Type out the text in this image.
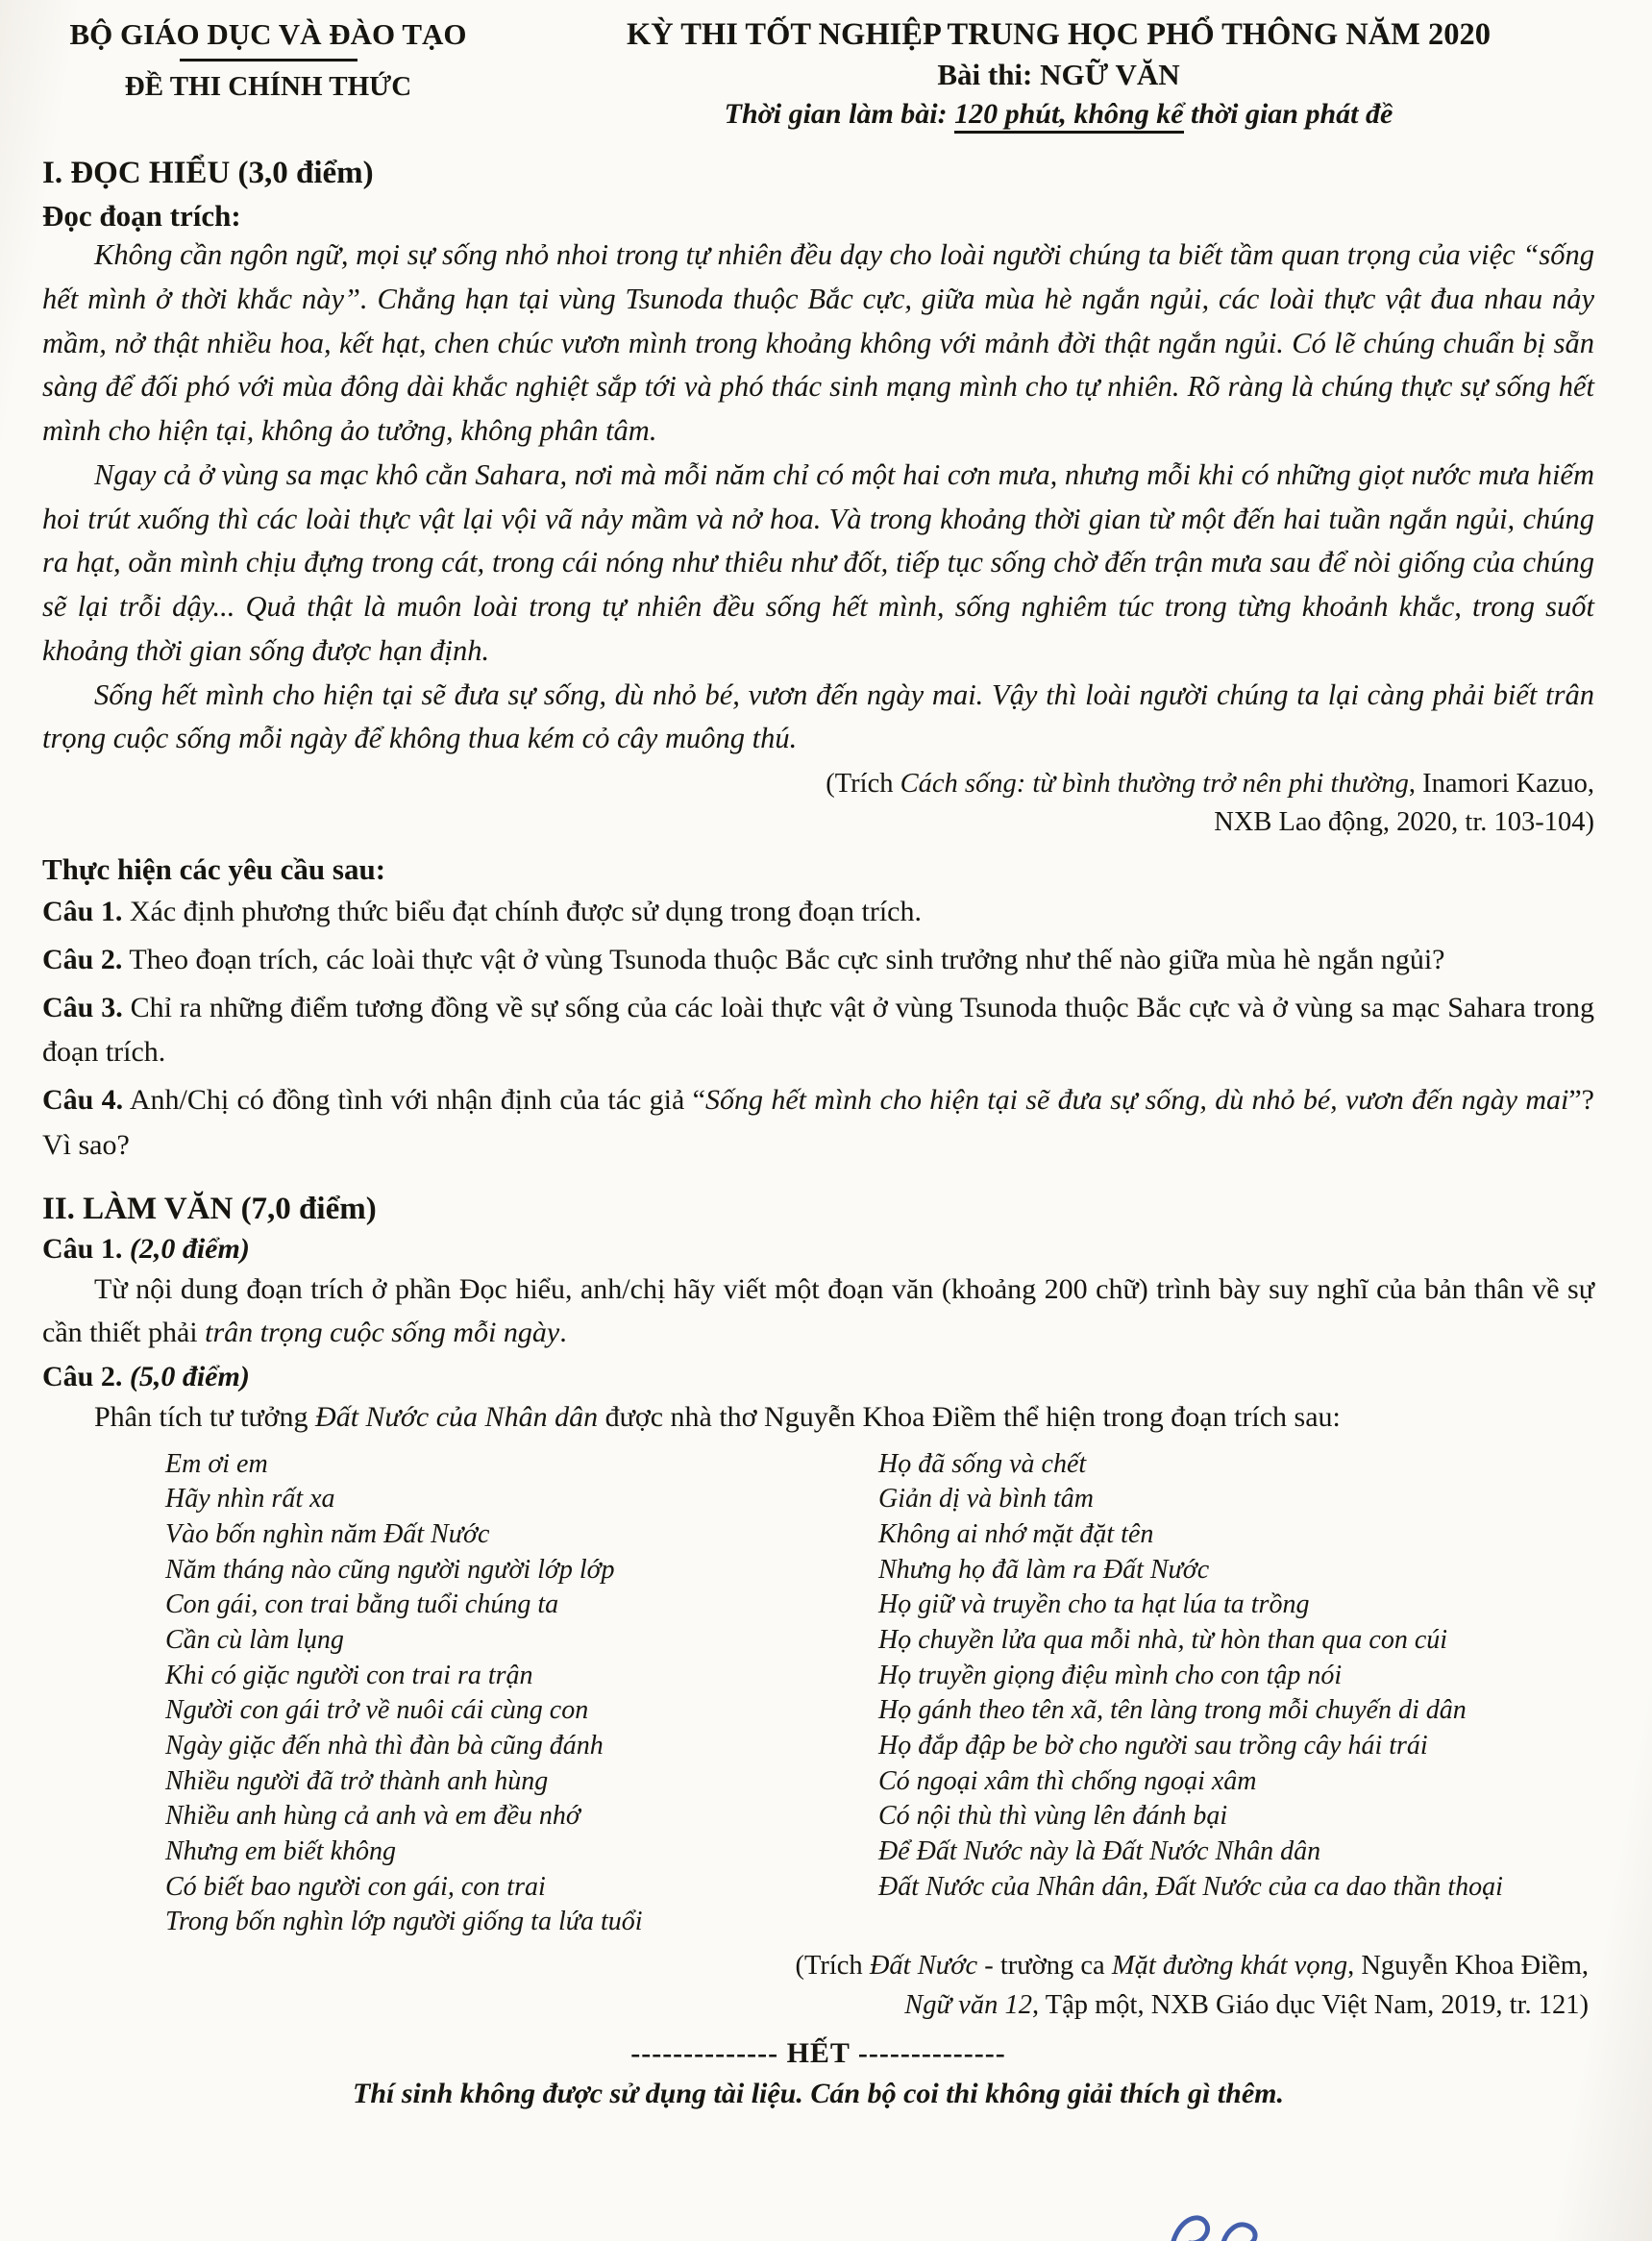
BỘ GIÁO DỤC VÀ ĐÀO TẠO
ĐỀ THI CHÍNH THỨC
KỲ THI TỐT NGHIỆP TRUNG HỌC PHỔ THÔNG NĂM 2020
Bài thi: NGỮ VĂN
Thời gian làm bài: 120 phút, không kể thời gian phát đề
I. ĐỌC HIỂU (3,0 điểm)
Đọc đoạn trích:

Không cần ngôn ngữ, mọi sự sống nhỏ nhoi trong tự nhiên đều dạy cho loài người chúng ta biết tầm quan trọng của việc “sống hết mình ở thời khắc này”. Chẳng hạn tại vùng Tsunoda thuộc Bắc cực, giữa mùa hè ngắn ngủi, các loài thực vật đua nhau nảy mầm, nở thật nhiều hoa, kết hạt, chen chúc vươn mình trong khoảng không với mảnh đời thật ngắn ngủi. Có lẽ chúng chuẩn bị sẵn sàng để đối phó với mùa đông dài khắc nghiệt sắp tới và phó thác sinh mạng mình cho tự nhiên. Rõ ràng là chúng thực sự sống hết mình cho hiện tại, không ảo tưởng, không phân tâm.

Ngay cả ở vùng sa mạc khô cằn Sahara, nơi mà mỗi năm chỉ có một hai cơn mưa, nhưng mỗi khi có những giọt nước mưa hiếm hoi trút xuống thì các loài thực vật lại vội vã nảy mầm và nở hoa. Và trong khoảng thời gian từ một đến hai tuần ngắn ngủi, chúng ra hạt, oằn mình chịu đựng trong cát, trong cái nóng như thiêu như đốt, tiếp tục sống chờ đến trận mưa sau để nòi giống của chúng sẽ lại trỗi dậy... Quả thật là muôn loài trong tự nhiên đều sống hết mình, sống nghiêm túc trong từng khoảnh khắc, trong suốt khoảng thời gian sống được hạn định.

Sống hết mình cho hiện tại sẽ đưa sự sống, dù nhỏ bé, vươn đến ngày mai. Vậy thì loài người chúng ta lại càng phải biết trân trọng cuộc sống mỗi ngày để không thua kém cỏ cây muông thú.

(Trích Cách sống: từ bình thường trở nên phi thường, Inamori Kazuo,
NXB Lao động, 2020, tr. 103-104)
Thực hiện các yêu cầu sau:
Câu 1. Xác định phương thức biểu đạt chính được sử dụng trong đoạn trích.
Câu 2. Theo đoạn trích, các loài thực vật ở vùng Tsunoda thuộc Bắc cực sinh trưởng như thế nào giữa mùa hè ngắn ngủi?
Câu 3. Chỉ ra những điểm tương đồng về sự sống của các loài thực vật ở vùng Tsunoda thuộc Bắc cực và ở vùng sa mạc Sahara trong đoạn trích.
Câu 4. Anh/Chị có đồng tình với nhận định của tác giả “Sống hết mình cho hiện tại sẽ đưa sự sống, dù nhỏ bé, vươn đến ngày mai”? Vì sao?
II. LÀM VĂN (7,0 điểm)
Câu 1. (2,0 điểm)

Từ nội dung đoạn trích ở phần Đọc hiểu, anh/chị hãy viết một đoạn văn (khoảng 200 chữ) trình bày suy nghĩ của bản thân về sự cần thiết phải trân trọng cuộc sống mỗi ngày.

Câu 2. (5,0 điểm)

Phân tích tư tưởng Đất Nước của Nhân dân được nhà thơ Nguyễn Khoa Điềm thể hiện trong đoạn trích sau:

Em ơi em
Hãy nhìn rất xa
Vào bốn nghìn năm Đất Nước
Năm tháng nào cũng người người lớp lớp
Con gái, con trai bằng tuổi chúng ta
Cần cù làm lụng
Khi có giặc người con trai ra trận
Người con gái trở về nuôi cái cùng con
Ngày giặc đến nhà thì đàn bà cũng đánh
Nhiều người đã trở thành anh hùng
Nhiều anh hùng cả anh và em đều nhớ
Nhưng em biết không
Có biết bao người con gái, con trai
Trong bốn nghìn lớp người giống ta lứa tuổi
Họ đã sống và chết
Giản dị và bình tâm
Không ai nhớ mặt đặt tên
Nhưng họ đã làm ra Đất Nước
Họ giữ và truyền cho ta hạt lúa ta trồng
Họ chuyền lửa qua mỗi nhà, từ hòn than qua con cúi
Họ truyền giọng điệu mình cho con tập nói
Họ gánh theo tên xã, tên làng trong mỗi chuyến di dân
Họ đắp đập be bờ cho người sau trồng cây hái trái
Có ngoại xâm thì chống ngoại xâm
Có nội thù thì vùng lên đánh bại
Để Đất Nước này là Đất Nước Nhân dân
Đất Nước của Nhân dân, Đất Nước của ca dao thần thoại
(Trích Đất Nước - trường ca Mặt đường khát vọng, Nguyễn Khoa Điềm,
Ngữ văn 12, Tập một, NXB Giáo dục Việt Nam, 2019, tr. 121)
-------------- HẾT --------------
Thí sinh không được sử dụng tài liệu. Cán bộ coi thi không giải thích gì thêm.
